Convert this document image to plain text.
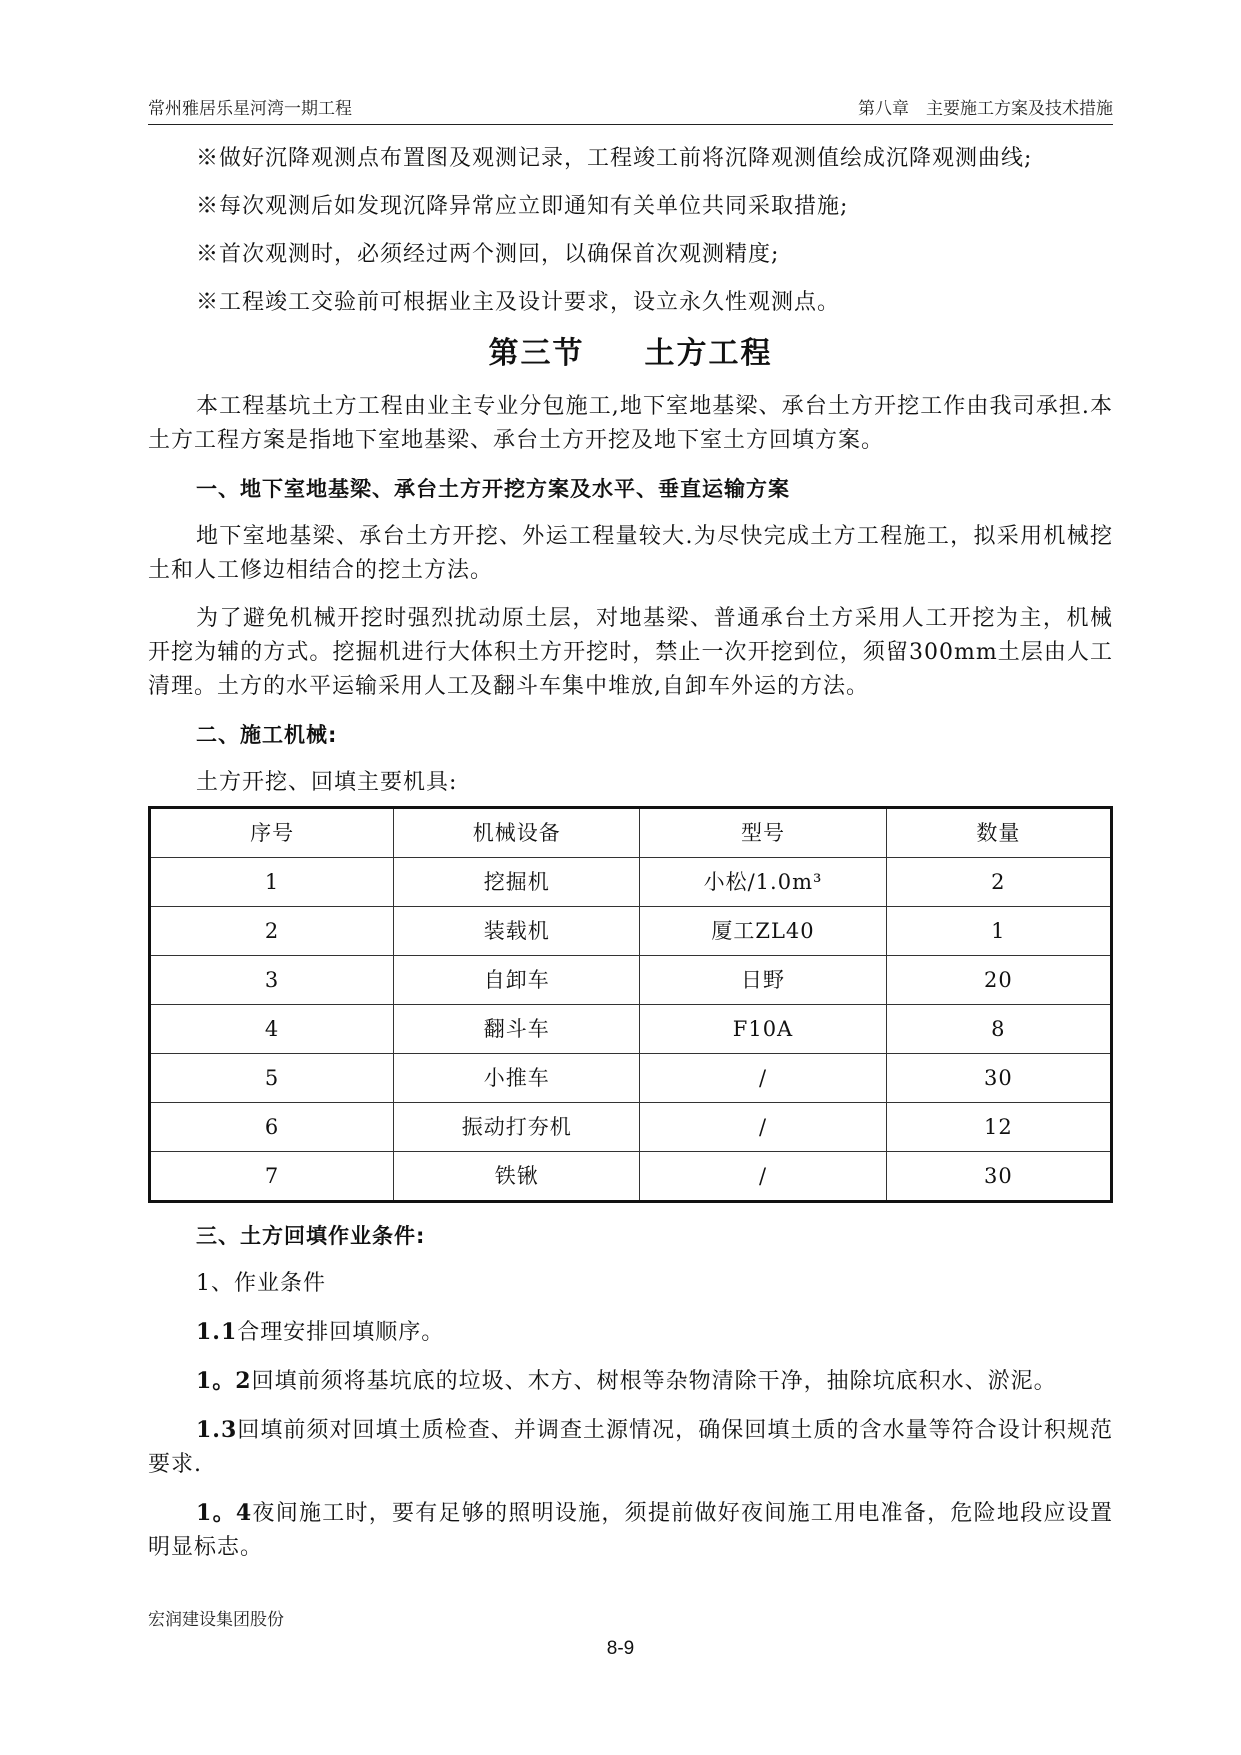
常州雅居乐星河湾一期工程	第八章　主要施工方案及技术措施

※做好沉降观测点布置图及观测记录，工程竣工前将沉降观测值绘成沉降观测曲线;

※每次观测后如发现沉降异常应立即通知有关单位共同采取措施;

※首次观测时，必须经过两个测回，以确保首次观测精度;

※工程竣工交验前可根据业主及设计要求，设立永久性观测点。

第三节 土方工程

本工程基坑土方工程由业主专业分包施工,地下室地基梁、承台土方开挖工作由我司承担.本土方工程方案是指地下室地基梁、承台土方开挖及地下室土方回填方案。

一、地下室地基梁、承台土方开挖方案及水平、垂直运输方案

地下室地基梁、承台土方开挖、外运工程量较大.为尽快完成土方工程施工，拟采用机械挖土和人工修边相结合的挖土方法。

为了避免机械开挖时强烈扰动原土层，对地基梁、普通承台土方采用人工开挖为主，机械开挖为辅的方式。挖掘机进行大体积土方开挖时，禁止一次开挖到位，须留300mm土层由人工清理。土方的水平运输采用人工及翻斗车集中堆放,自卸车外运的方法。

二、施工机械:

土方开挖、回填主要机具:

序号	机械设备	型号	数量
1	挖掘机	小松/1.0m³	2
2	装载机	厦工ZL40	1
3	自卸车	日野	20
4	翻斗车	F10A	8
5	小推车	/	30
6	振动打夯机	/	12
7	铁锹	/	30
三、土方回填作业条件:

1、作业条件

1.1合理安排回填顺序。

1。2回填前须将基坑底的垃圾、木方、树根等杂物清除干净，抽除坑底积水、淤泥。

1.3回填前须对回填土质检查、并调查土源情况，确保回填土质的含水量等符合设计积规范要求.

1。4夜间施工时，要有足够的照明设施，须提前做好夜间施工用电准备，危险地段应设置明显标志。

宏润建设集团股份
8-9
